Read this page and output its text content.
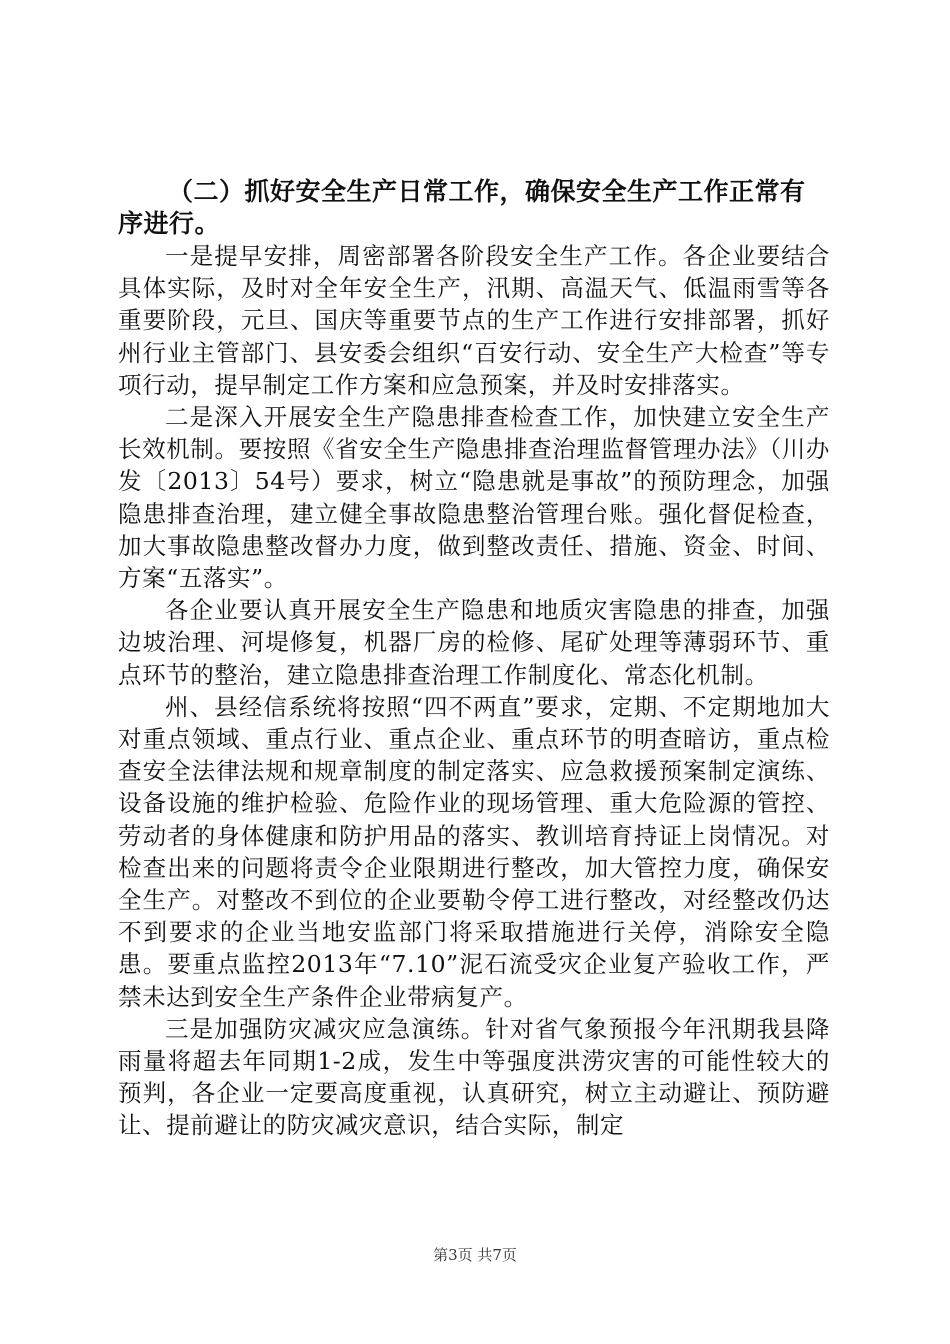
（二）抓好安全生产日常工作，确保安全生产工作正常有序进行。

一是提早安排，周密部署各阶段安全生产工作。各企业要结合具体实际，及时对全年安全生产，汛期、高温天气、低温雨雪等各重要阶段，元旦、国庆等重要节点的生产工作进行安排部署，抓好州行业主管部门、县安委会组织“百安行动、安全生产大检查”等专项行动，提早制定工作方案和应急预案，并及时安排落实。

二是深入开展安全生产隐患排查检查工作，加快建立安全生产长效机制。要按照《省安全生产隐患排查治理监督管理办法》（川办发〔2013〕54号）要求，树立“隐患就是事故”的预防理念，加强隐患排查治理，建立健全事故隐患整治管理台账。强化督促检查，加大事故隐患整改督办力度，做到整改责任、措施、资金、时间、方案“五落实”。

各企业要认真开展安全生产隐患和地质灾害隐患的排查，加强边坡治理、河堤修复，机器厂房的检修、尾矿处理等薄弱环节、重点环节的整治，建立隐患排查治理工作制度化、常态化机制。

州、县经信系统将按照“四不两直”要求，定期、不定期地加大对重点领域、重点行业、重点企业、重点环节的明查暗访，重点检查安全法律法规和规章制度的制定落实、应急救援预案制定演练、设备设施的维护检验、危险作业的现场管理、重大危险源的管控、劳动者的身体健康和防护用品的落实、教训培育持证上岗情况。对检查出来的问题将责令企业限期进行整改，加大管控力度，确保安全生产。对整改不到位的企业要勒令停工进行整改，对经整改仍达不到要求的企业当地安监部门将采取措施进行关停，消除安全隐患。要重点监控2013年“7.10”泥石流受灾企业复产验收工作，严禁未达到安全生产条件企业带病复产。

三是加强防灾减灾应急演练。针对省气象预报今年汛期我县降雨量将超去年同期1-2成，发生中等强度洪涝灾害的可能性较大的预判，各企业一定要高度重视，认真研究，树立主动避让、预防避让、提前避让的防灾减灾意识，结合实际，制定

第3页 共7页
